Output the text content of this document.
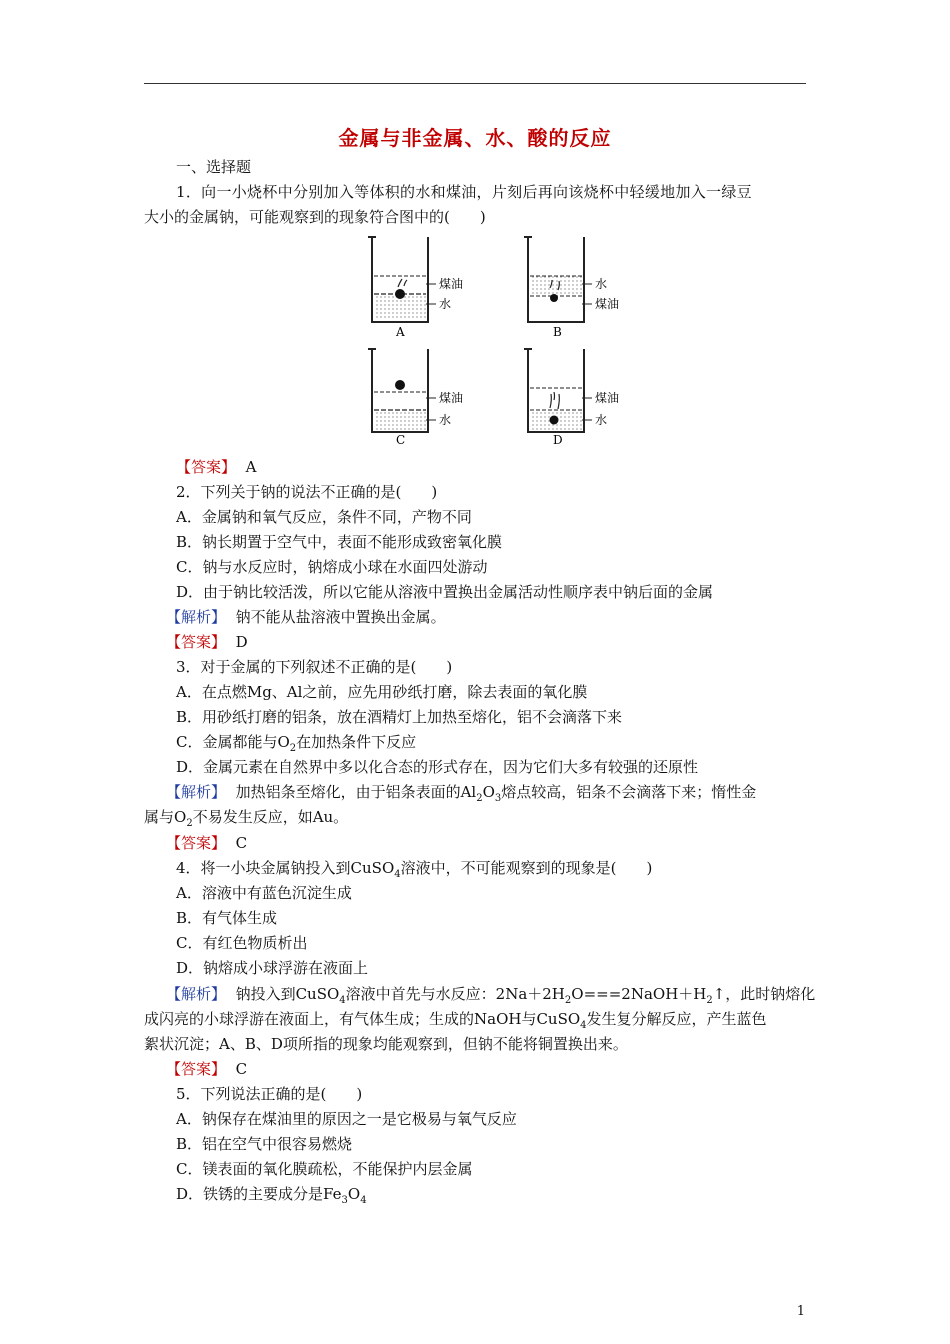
金属与非金属、水、酸的反应
一、选择题
1．向一小烧杯中分别加入等体积的水和煤油，片刻后再向该烧杯中轻缓地加入一绿豆
大小的金属钠，可能观察到的现象符合图中的(　　)
煤油
水
A
水
煤油
B
煤油
水
C
煤油
水
D
【答案】 A
2．下列关于钠的说法不正确的是(　　)
A．金属钠和氧气反应，条件不同，产物不同
B．钠长期置于空气中，表面不能形成致密氧化膜
C．钠与水反应时，钠熔成小球在水面四处游动
D．由于钠比较活泼，所以它能从溶液中置换出金属活动性顺序表中钠后面的金属
【解析】 钠不能从盐溶液中置换出金属。
【答案】 D
3．对于金属的下列叙述不正确的是(　　)
A．在点燃Mg、Al之前，应先用砂纸打磨，除去表面的氧化膜
B．用砂纸打磨的铝条，放在酒精灯上加热至熔化，铝不会滴落下来
C．金属都能与$O_2$在加热条件下反应
D．金属元素在自然界中多以化合态的形式存在，因为它们大多有较强的还原性
【解析】 加热铝条至熔化，由于铝条表面的$Al_2O_3$熔点较高，铝条不会滴落下来；惰性金
属与$O_2$不易发生反应，如Au。
【答案】 C
4．将一小块金属钠投入到CuSO$_4$溶液中，不可能观察到的现象是(　　)
A．溶液中有蓝色沉淀生成
B．有气体生成
C．有红色物质析出
D．钠熔成小球浮游在液面上
【解析】 钠投入到CuSO$_4$溶液中首先与水反应：$2Na+2H_2O===2NaOH+H_2↑$，此时钠熔化
成闪亮的小球浮游在液面上，有气体生成；生成的NaOH与CuSO$_4$发生复分解反应，产生蓝色
絮状沉淀；A、B、D项所指的现象均能观察到，但钠不能将铜置换出来。
【答案】 C
5．下列说法正确的是(　　)
A．钠保存在煤油里的原因之一是它极易与氧气反应
B．铝在空气中很容易燃烧
C．镁表面的氧化膜疏松，不能保护内层金属
D．铁锈的主要成分是$Fe_3O_4$
1
